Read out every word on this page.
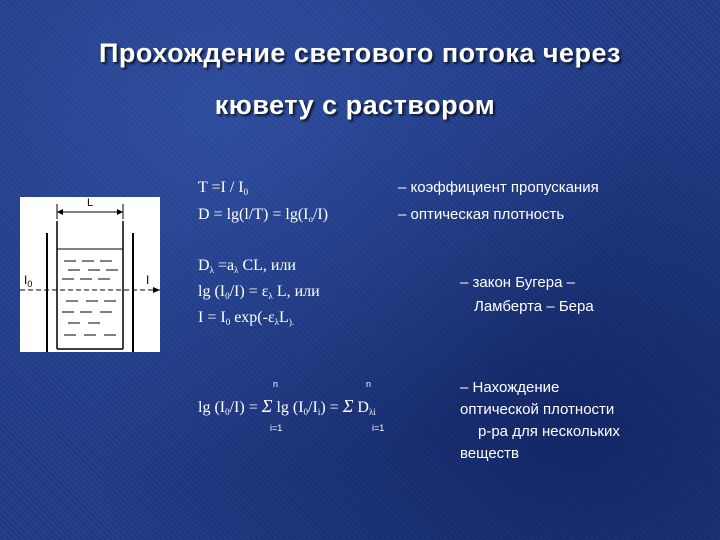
Прохождение светового потока через
кювету с раствором
L
$I_0$	I
$T =I / I_0$	– коэффициент пропускания
$D = \lg(l/T) = \lg(I_o/I)$	– оптическая плотность
$D_\lambda =a_\lambda$ CL, или
$\lg (I_0/I) = \varepsilon_\lambda$ L, или
$I = I_0$ $\exp(-\varepsilon_\lambda L_{).}$
– закон Бугера –
Ламберта – Бера
$\lg (I_0/I) = \Sigma$ $\lg (I_0/I_i) = \Sigma$ $D_{\lambda i}$
n	n
i=1	i=1
– Нахождение
оптической плотности
р-ра для нескольких
веществ
